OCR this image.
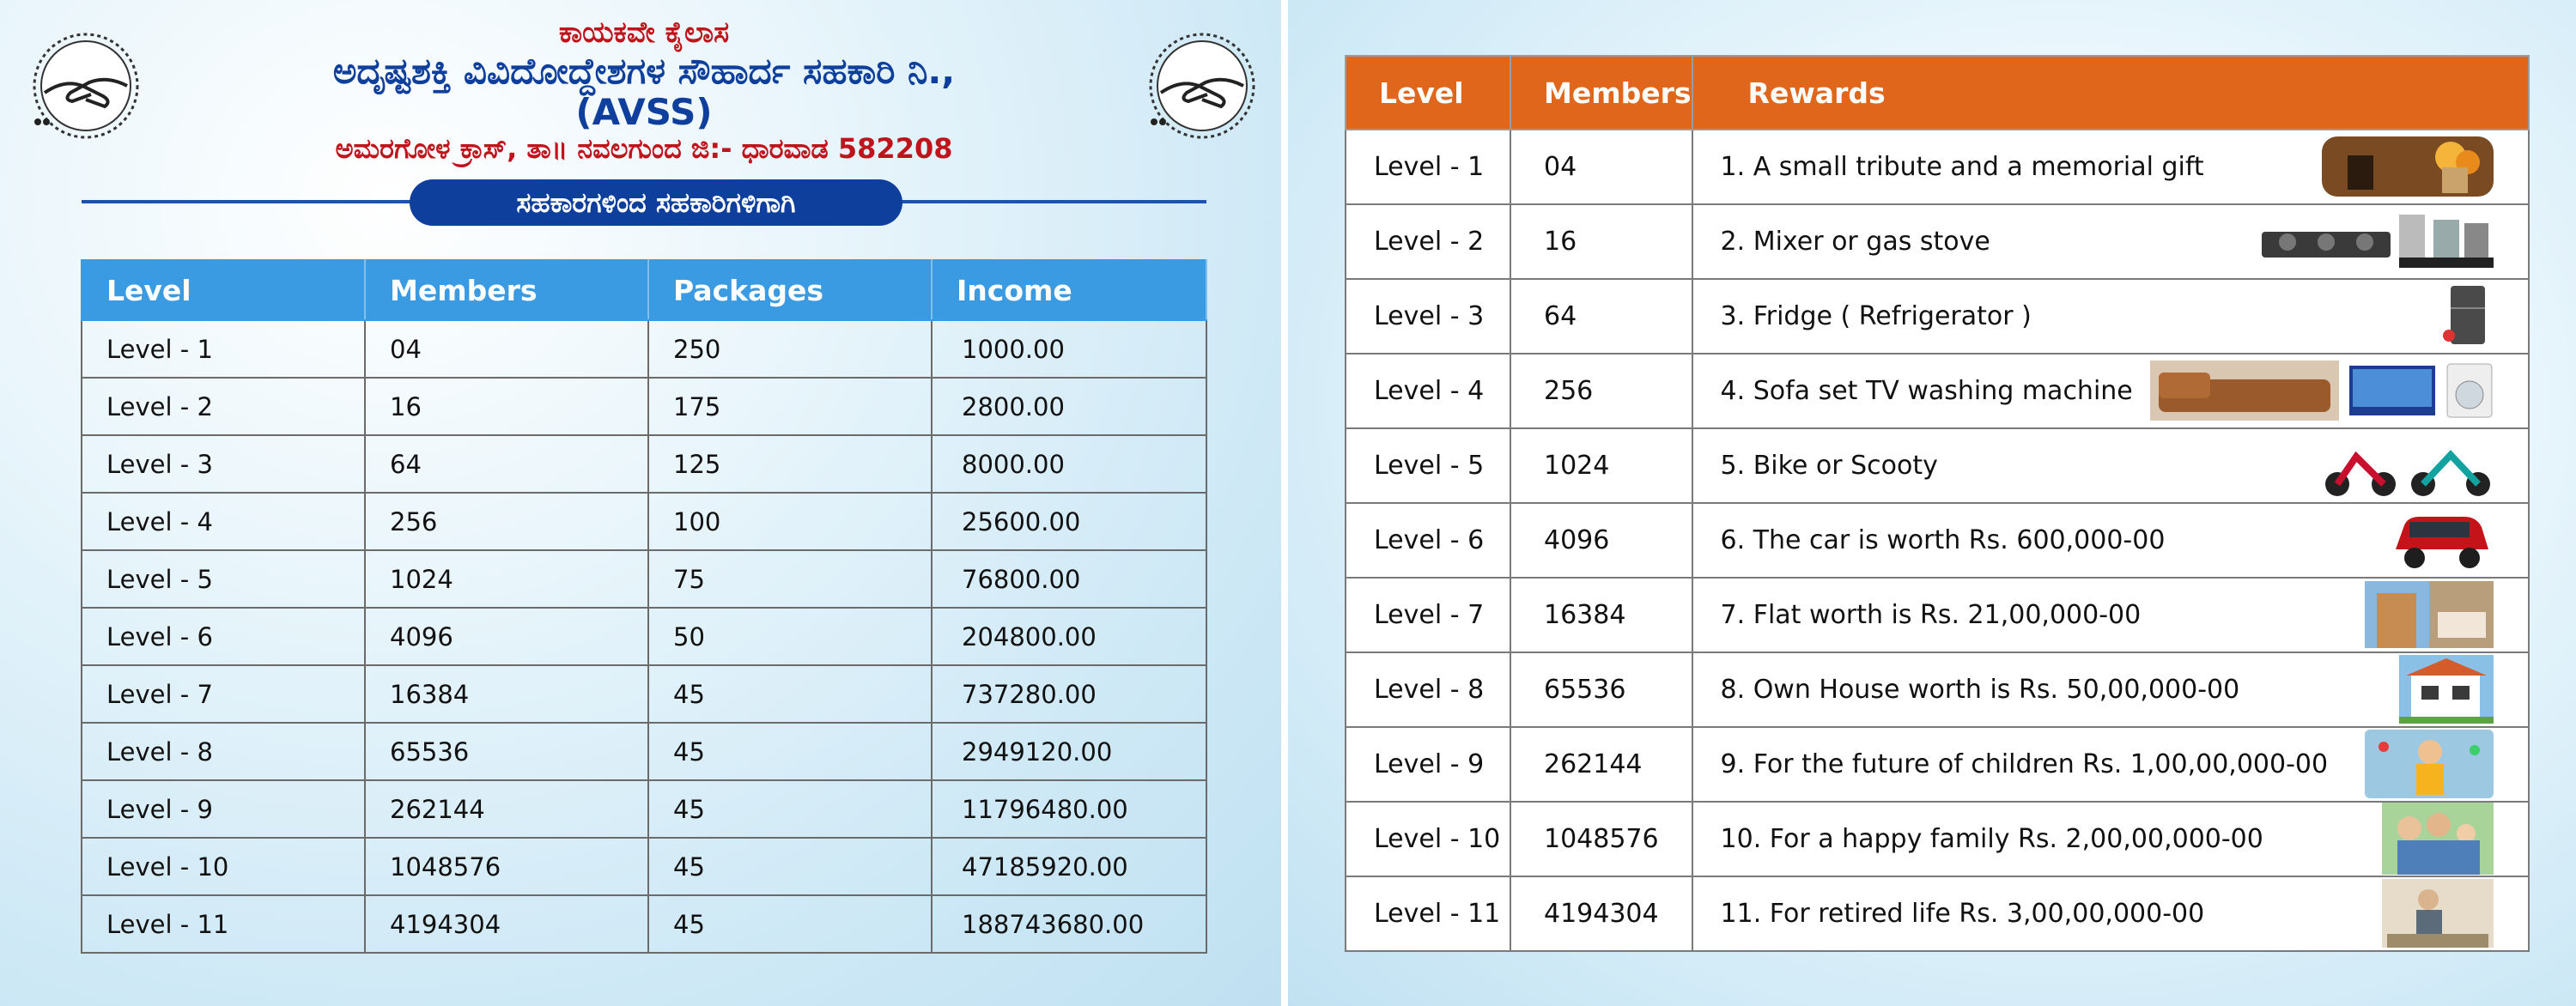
ಕಾಯಕವೇ ಕೈಲಾಸ
ಅದೃಷ್ಟಶಕ್ತಿ ವಿವಿದೋದ್ದೇಶಗಳ ಸೌಹಾರ್ದ ಸಹಕಾರಿ ನಿ.,
(AVSS)
ಅಮರಗೋಳ ಕ್ರಾಸ್, ತಾ॥ ನವಲಗುಂದ ಜಿ:- ಧಾರವಾಡ 582208
ಸಹಕಾರಗಳಿಂದ ಸಹಕಾರಿಗಳಿಗಾಗಿ
Level	Members	Packages	Income
Level - 1	04	250	1000.00
Level - 2	16	175	2800.00
Level - 3	64	125	8000.00
Level - 4	256	100	25600.00
Level - 5	1024	75	76800.00
Level - 6	4096	50	204800.00
Level - 7	16384	45	737280.00
Level - 8	65536	45	2949120.00
Level - 9	262144	45	11796480.00
Level - 10	1048576	45	47185920.00
Level - 11	4194304	45	188743680.00
Level	Members	Rewards
Level - 1	04	1. A small tribute and a memorial gift

Level - 2	16	2. Mixer or gas stove

Level - 3	64	3. Fridge ( Refrigerator )

Level - 4	256	4. Sofa set TV washing machine

Level - 5	1024	5. Bike or Scooty

Level - 6	4096	6. The car is worth Rs. 600,000-00

Level - 7	16384	7. Flat worth is Rs. 21,00,000-00

Level - 8	65536	8. Own House worth is Rs. 50,00,000-00

Level - 9	262144	9. For the future of children Rs. 1,00,00,000-00

Level - 10	1048576	10. For a happy family Rs. 2,00,00,000-00

Level - 11	4194304	11. For retired life Rs. 3,00,00,000-00
